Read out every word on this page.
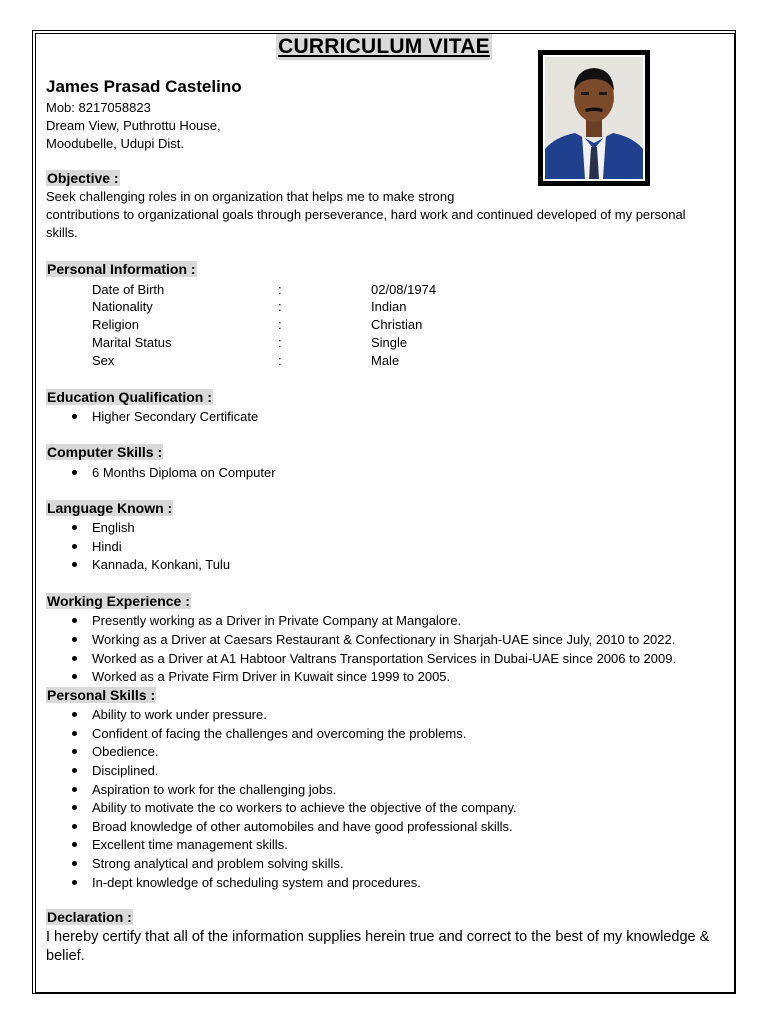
CURRICULUM VITAE
James Prasad Castelino
Mob: 8217058823
Dream View, Puthrottu House,
Moodubelle, Udupi Dist.
Objective :
Seek challenging roles in on organization that helps me to make strong
contributions to organizational goals through perseverance, hard work and continued developed of my personal skills.
Personal Information :
Date of Birth	:	02/08/1974
Nationality	:	Indian
Religion	:	Christian
Marital Status	:	Single
Sex	:	Male
Education Qualification :
Higher Secondary Certificate
Computer Skills :
6 Months Diploma on Computer
Language Known :
English
Hindi
Kannada, Konkani, Tulu
Working Experience :
Presently working as a Driver in Private Company at Mangalore.
Working as a Driver at Caesars Restaurant & Confectionary in Sharjah-UAE since July, 2010 to 2022.
Worked as a Driver at A1 Habtoor Valtrans Transportation Services in Dubai-UAE since 2006 to 2009.
Worked as a Private Firm Driver in Kuwait since 1999 to 2005.
Personal Skills :
Ability to work under pressure.
Confident of facing the challenges and overcoming the problems.
Obedience.
Disciplined.
Aspiration to work for the challenging jobs.
Ability to motivate the co workers to achieve the objective of the company.
Broad knowledge of other automobiles and have good professional skills.
Excellent time management skills.
Strong analytical and problem solving skills.
In-dept knowledge of scheduling system and procedures.
Declaration :
I hereby certify that all of the information supplies herein true and correct to the best of my knowledge & belief.
